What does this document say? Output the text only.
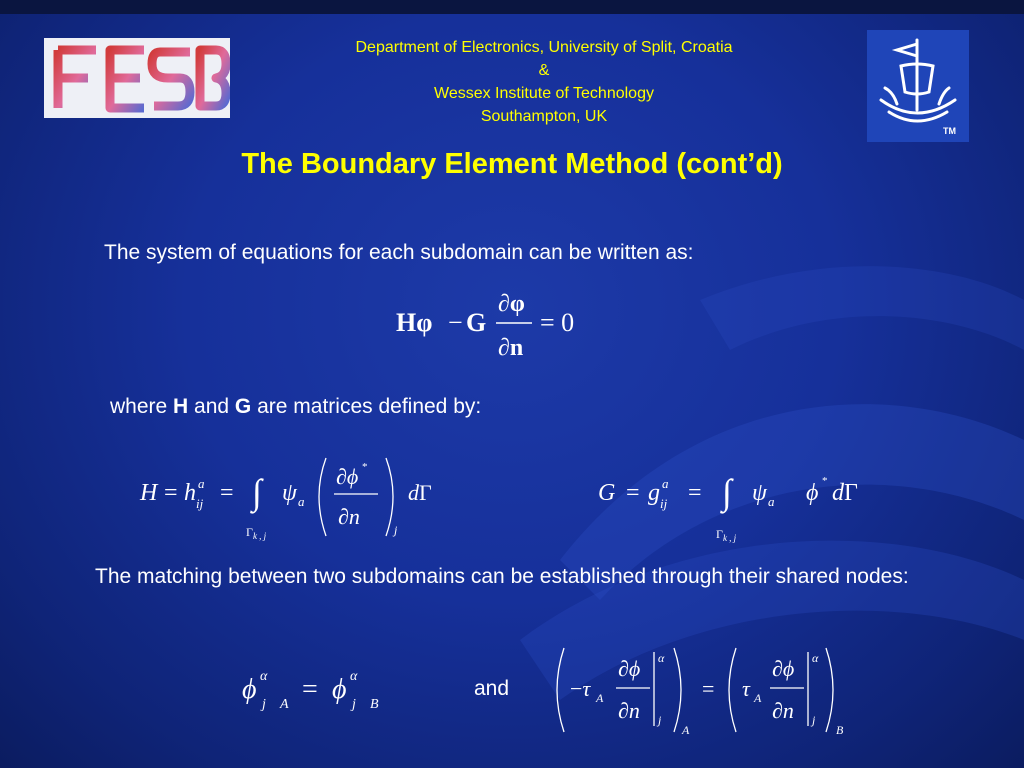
TM
Department of Electronics, University of Split, Croatia
&
Wessex Institute of Technology
Southampton, UK
The Boundary Element Method (cont’d)
The system of equations for each subdomain can be written as:
Hφ − G
∂φ
∂n
= 0
where H and G are matrices defined by:
H = h a
ij = ∫
$\Gamma_{k , j}$
ψ a
∂ϕ *
∂n
j
dΓ	G = g a
ij = ∫
$\Gamma_{k , j}$
ψ a ϕ * dΓ
The matching between two subdomains can be established through their shared nodes:
ϕ α
j A = ϕ α
j B
and	−τ A
∂ϕ
∂n
α
j
A
= τ A
∂ϕ
∂n
α
j
B
